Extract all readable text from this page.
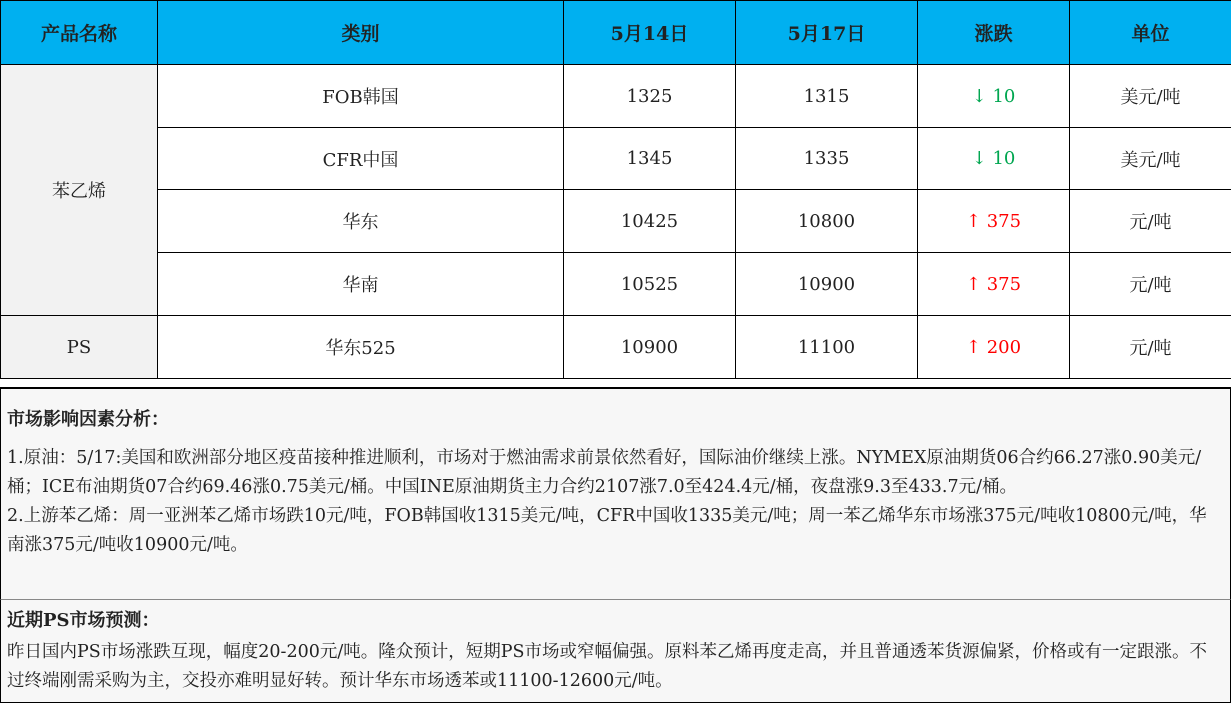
产品名称	类别	5月14日	5月17日	涨跌	单位
苯乙烯	FOB韩国	1325	1315	↓ 10	美元/吨
	CFR中国	1345	1335	↓ 10	美元/吨
	华东	10425	10800	↑ 375	元/吨
	华南	10525	10900	↑ 375	元/吨
PS	华东525	10900	11100	↑ 200	元/吨
市场影响因素分析：

1.原油：5/17:美国和欧洲部分地区疫苗接种推进顺利，市场对于燃油需求前景依然看好，国际油价继续上涨。NYMEX原油期货06合约66.27涨0.90美元/桶；ICE布油期货07合约69.46涨0.75美元/桶。中国INE原油期货主力合约2107涨7.0至424.4元/桶，夜盘涨9.3至433.7元/桶。

2.上游苯乙烯：周一亚洲苯乙烯市场跌10元/吨，FOB韩国收1315美元/吨，CFR中国收1335美元/吨；周一苯乙烯华东市场涨375元/吨收10800元/吨，华南涨375元/吨收10900元/吨。

近期PS市场预测：

昨日国内PS市场涨跌互现，幅度20-200元/吨。隆众预计，短期PS市场或窄幅偏强。原料苯乙烯再度走高，并且普通透苯货源偏紧，价格或有一定跟涨。不过终端刚需采购为主，交投亦难明显好转。预计华东市场透苯或11100-12600元/吨。
